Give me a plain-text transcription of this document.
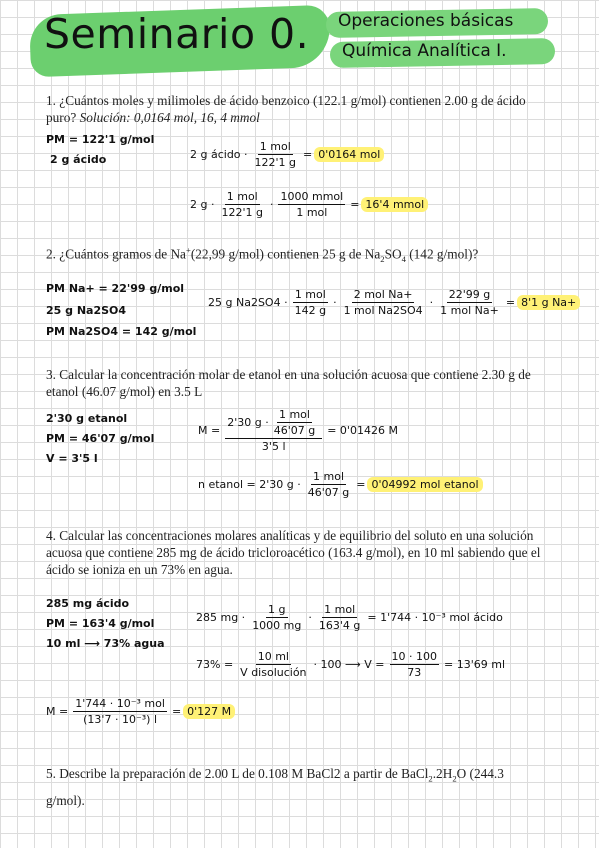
Seminario 0. Operaciones básicas
Química Analítica I.
1. ¿Cuántos moles y milimoles de ácido benzoico (122.1 g/mol) contienen 2.00 g de ácido puro? Solución: 0,0164 mol, 16, 4 mmol
PM = 122'1 g/mol
2 g ácido	2 g ácido · $\frac{\text{1 mol}}{122'1 g} = 0'0164$ mol
2 $g \cdot \frac{\text{1 mol}}{122'1 g} \cdot \frac{\text{1000 mmol}}{\text{1 mol}} = 16'4$ mmol
2. ¿Cuántos gramos de Na+(22,99 g/mol) contienen 25 g de $Na_2SO_4$ (142 g/mol)?
PM Na+ = 22'99 g/mol
25 g Na2SO4
PM Na2SO4 = 142 g/mol
25 g $Na2SO4 \cdot \frac{\text{1 mol}}{142 g} \cdot \frac{\text{2 mol Na+}}{\text{1 mol Na2SO4}} \cdot \frac{22'99 g}{\text{1 mol Na+}} = 8'1$ g Na+
3. Calcular la concentración molar de etanol en una solución acuosa que contiene 2.30 g de etanol (46.07 g/mol) en 3.5 L
2'30 g etanol
PM = 46'07 g/mol
V = 3'5 l
$M = \frac{2'30 g \cdot \frac{\text{1 mol}}{46'07 g}}{3'5 l} = 0'01426$ M
n etanol = 2'30 $g \cdot \frac{\text{1 mol}}{46'07 g} = 0'04992$ mol etanol
4. Calcular las concentraciones molares analíticas y de equilibrio del soluto en una solución acuosa que contiene 285 mg de ácido tricloroacético (163.4 g/mol), en 10 ml sabiendo que el ácido se ioniza en un 73% en agua.
285 mg ácido
PM = 163'4 g/mol
10 ml ⟶ 73% agua
285 mg · $\frac{1 g}{1000 mg} \cdot \frac{\text{1 mol}}{163'4 g} = 1'744 \cdot 10^{-3}$ mol ácido
$73\% = \frac{10 ml}{\text{V disolución}} \cdot 100$ ⟶ $V = \frac{10 \cdot 100}{73} = 13'69$ ml
$M = \frac{\text{1'744 · 10⁻³ mol}}{\text{(13'7 · 10⁻³) l}} = 0'127$ M
5. Describe la preparación de 2.00 L de 0.108 M BaCl2 a partir de $BaCl_2.2H_2O$ (244.3
g/mol).
